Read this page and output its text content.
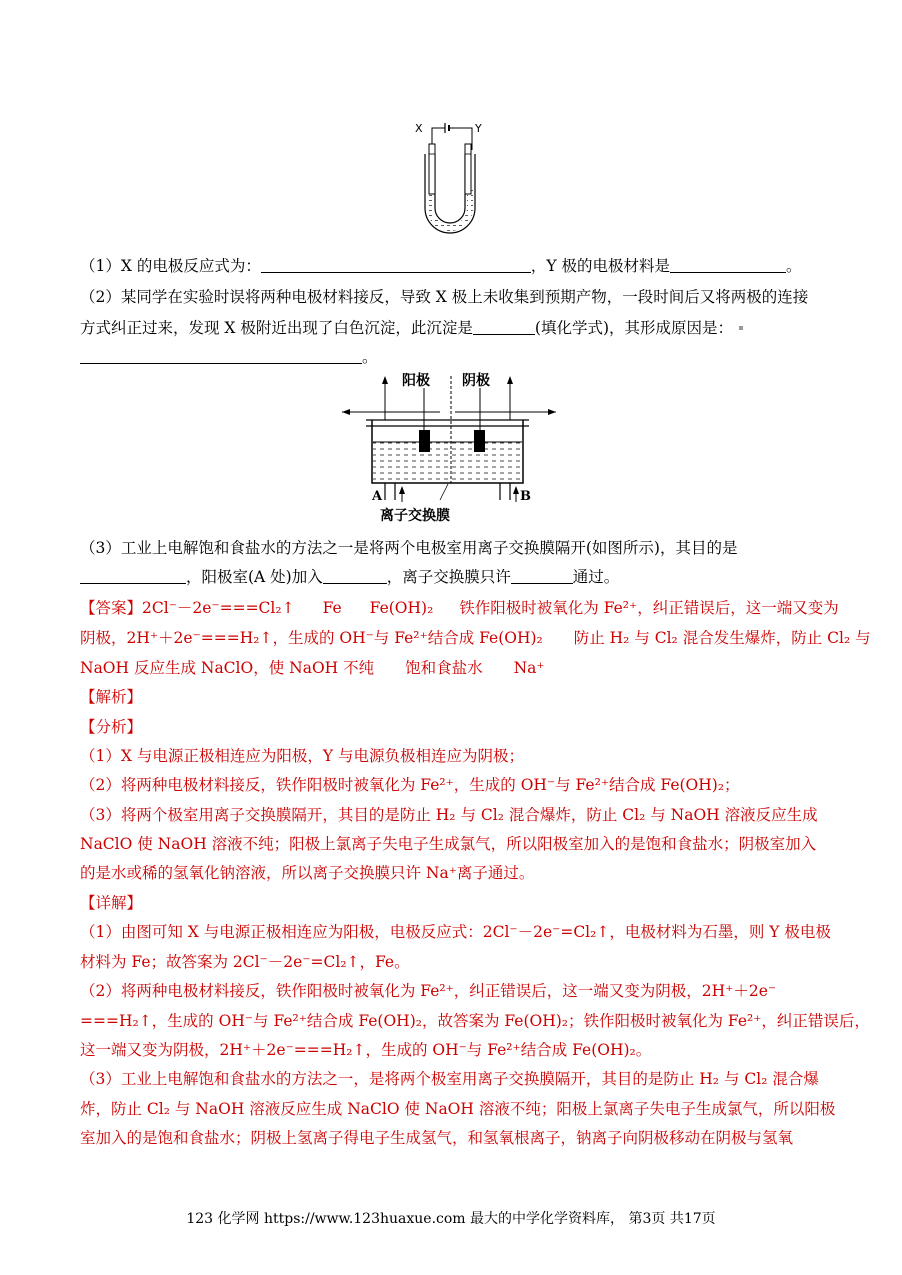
X	Y
（1）X 的电极反应式为：	，Y 极的电极材料是	。
（2）某同学在实验时误将两种电极材料接反，导致 X 极上未收集到预期产物，一段时间后又将两极的连接
方式纠正过来，发现 X 极附近出现了白色沉淀，此沉淀是	(填化学式)，其形成原因是：
。
阳极 阴极
A	B
离子交换膜
（3）工业上电解饱和食盐水的方法之一是将两个电极室用离子交换膜隔开(如图所示)，其目的是
，阳极室(A 处)加入	，离子交换膜只许	通过。
【答案】2Cl⁻－2e⁻===Cl₂↑ Fe Fe(OH)₂ 铁作阳极时被氧化为 Fe²⁺，纠正错误后，这一端又变为
阴极，2H⁺＋2e⁻===H₂↑，生成的 OH⁻与 Fe²⁺结合成 Fe(OH)₂　　防止 H₂ 与 Cl₂ 混合发生爆炸，防止 Cl₂ 与
NaOH 反应生成 NaClO，使 NaOH 不纯　　饱和食盐水　　Na⁺
【解析】
【分析】
（1）X 与电源正极相连应为阳极，Y 与电源负极相连应为阴极；
（2）将两种电极材料接反，铁作阳极时被氧化为 Fe²⁺，生成的 OH⁻与 Fe²⁺结合成 Fe(OH)₂；
（3）将两个极室用离子交换膜隔开，其目的是防止 H₂ 与 Cl₂ 混合爆炸，防止 Cl₂ 与 NaOH 溶液反应生成
NaClO 使 NaOH 溶液不纯；阳极上氯离子失电子生成氯气，所以阳极室加入的是饱和食盐水；阴极室加入
的是水或稀的氢氧化钠溶液，所以离子交换膜只许 Na⁺离子通过。
【详解】
（1）由图可知 X 与电源正极相连应为阳极，电极反应式：2Cl⁻－2e⁻=Cl₂↑，电极材料为石墨，则 Y 极电极
材料为 Fe；故答案为 2Cl⁻－2e⁻=Cl₂↑，Fe。
（2）将两种电极材料接反，铁作阳极时被氧化为 Fe²⁺，纠正错误后，这一端又变为阴极，2H⁺＋2e⁻
===H₂↑，生成的 OH⁻与 Fe²⁺结合成 Fe(OH)₂，故答案为 Fe(OH)₂；铁作阳极时被氧化为 Fe²⁺，纠正错误后，
这一端又变为阴极，2H⁺＋2e⁻===H₂↑，生成的 OH⁻与 Fe²⁺结合成 Fe(OH)₂。
（3）工业上电解饱和食盐水的方法之一，是将两个极室用离子交换膜隔开，其目的是防止 H₂ 与 Cl₂ 混合爆
炸，防止 Cl₂ 与 NaOH 溶液反应生成 NaClO 使 NaOH 溶液不纯；阳极上氯离子失电子生成氯气，所以阳极
室加入的是饱和食盐水；阴极上氢离子得电子生成氢气，和氢氧根离子，钠离子向阴极移动在阴极与氢氧
123 化学网 https://www.123huaxue.com 最大的中学化学资料库， 第3页 共17页
